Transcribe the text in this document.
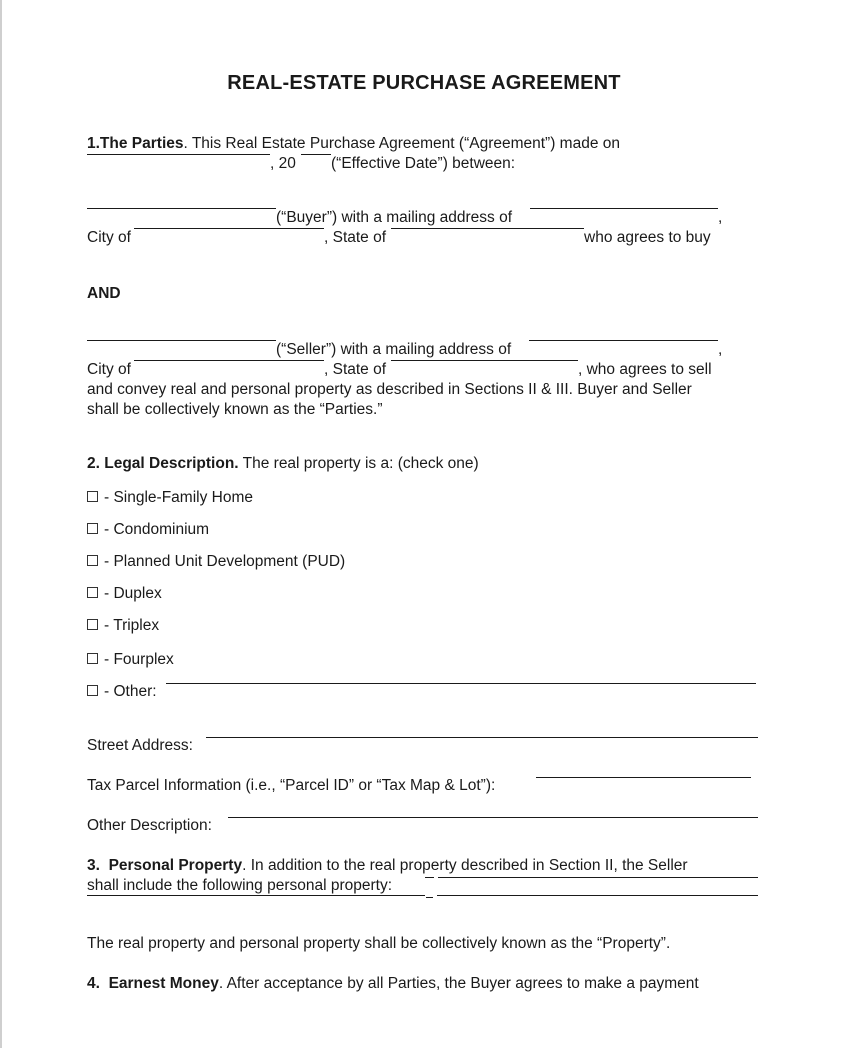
REAL-ESTATE PURCHASE AGREEMENT
1.The Parties. This Real Estate Purchase Agreement (“Agreement”) made on
, 20 (“Effective Date”) between:
(“Buyer”) with a mailing address of	,
City of	, State of	who agrees to buy
AND
(“Seller”) with a mailing address of	,
City of	, State of	, who agrees to sell
and convey real and personal property as described in Sections II & III. Buyer and Seller
shall be collectively known as the “Parties.”
2. Legal Description. The real property is a: (check one)
- Single-Family Home
- Condominium
- Planned Unit Development (PUD)
- Duplex
- Triplex
- Fourplex
- Other:
Street Address:
Tax Parcel Information (i.e., “Parcel ID” or “Tax Map & Lot”):
Other Description:
3. Personal Property. In addition to the real property described in Section II, the Seller
shall include the following personal property:
The real property and personal property shall be collectively known as the “Property”.
4. Earnest Money. After acceptance by all Parties, the Buyer agrees to make a payment
